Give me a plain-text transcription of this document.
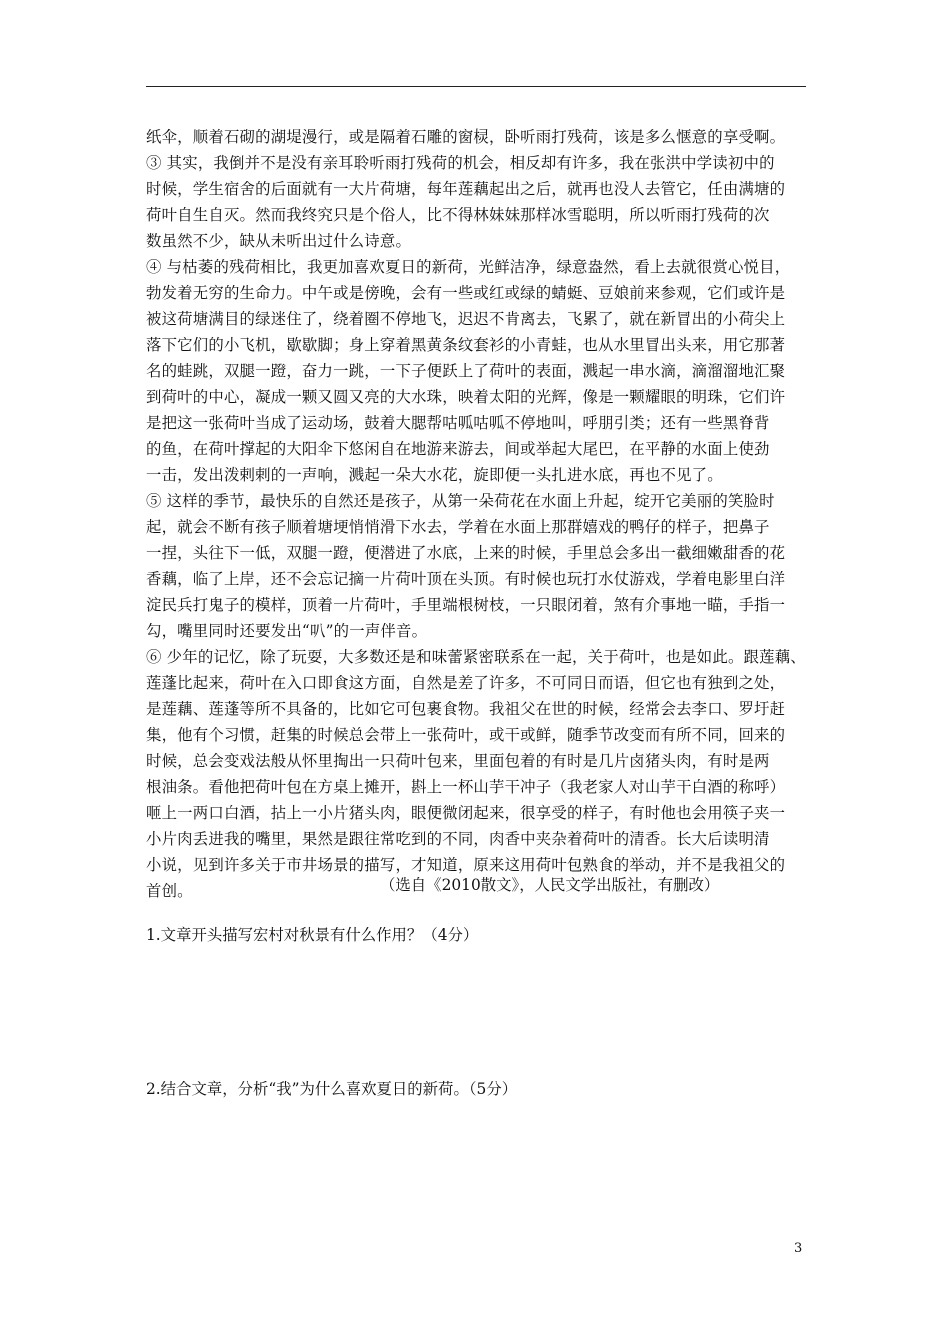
纸伞，顺着石砌的湖堤漫行，或是隔着石雕的窗棂，卧听雨打残荷，该是多么惬意的享受啊。
③ 其实，我倒并不是没有亲耳聆听雨打残荷的机会，相反却有许多，我在张洪中学读初中的
时候，学生宿舍的后面就有一大片荷塘，每年莲藕起出之后，就再也没人去管它，任由满塘的
荷叶自生自灭。然而我终究只是个俗人，比不得林妹妹那样冰雪聪明，所以听雨打残荷的次
数虽然不少，缺从未听出过什么诗意。
④ 与枯萎的残荷相比，我更加喜欢夏日的新荷，光鲜洁净，绿意盎然，看上去就很赏心悦目，
勃发着无穷的生命力。中午或是傍晚，会有一些或红或绿的蜻蜓、豆娘前来参观，它们或许是
被这荷塘满目的绿迷住了，绕着圈不停地飞，迟迟不肯离去，飞累了，就在新冒出的小荷尖上
落下它们的小飞机，歇歇脚；身上穿着黑黄条纹套衫的小青蛙，也从水里冒出头来，用它那著
名的蛙跳，双腿一蹬，奋力一跳，一下子便跃上了荷叶的表面，溅起一串水滴，滴溜溜地汇聚
到荷叶的中心，凝成一颗又圆又亮的大水珠，映着太阳的光辉，像是一颗耀眼的明珠，它们许
是把这一张荷叶当成了运动场，鼓着大腮帮咕呱咕呱不停地叫，呼朋引类；还有一些黑脊背
的鱼，在荷叶撑起的大阳伞下悠闲自在地游来游去，间或举起大尾巴，在平静的水面上使劲
一击，发出泼剌剌的一声响，溅起一朵大水花，旋即便一头扎进水底，再也不见了。
⑤ 这样的季节，最快乐的自然还是孩子，从第一朵荷花在水面上升起，绽开它美丽的笑脸时
起，就会不断有孩子顺着塘埂悄悄滑下水去，学着在水面上那群嬉戏的鸭仔的样子，把鼻子
一捏，头往下一低，双腿一蹬，便潜进了水底，上来的时候，手里总会多出一截细嫩甜香的花
香藕，临了上岸，还不会忘记摘一片荷叶顶在头顶。有时候也玩打水仗游戏，学着电影里白洋
淀民兵打鬼子的模样，顶着一片荷叶，手里端根树枝，一只眼闭着，煞有介事地一瞄，手指一
勾，嘴里同时还要发出“叭”的一声伴音。
⑥ 少年的记忆，除了玩耍，大多数还是和味蕾紧密联系在一起，关于荷叶，也是如此。跟莲藕、
莲蓬比起来，荷叶在入口即食这方面，自然是差了许多，不可同日而语，但它也有独到之处，
是莲藕、莲蓬等所不具备的，比如它可包裹食物。我祖父在世的时候，经常会去李口、罗圩赶
集，他有个习惯，赶集的时候总会带上一张荷叶，或干或鲜，随季节改变而有所不同，回来的
时候，总会变戏法般从怀里掏出一只荷叶包来，里面包着的有时是几片卤猪头肉，有时是两
根油条。看他把荷叶包在方桌上摊开，斟上一杯山芋干冲子（我老家人对山芋干白酒的称呼）
咂上一两口白酒，拈上一小片猪头肉，眼便微闭起来，很享受的样子，有时他也会用筷子夹一
小片肉丢进我的嘴里，果然是跟往常吃到的不同，肉香中夹杂着荷叶的清香。长大后读明清
小说，见到许多关于市井场景的描写，才知道，原来这用荷叶包熟食的举动，并不是我祖父的
首创。	（选自《2010散文》，人民文学出版社，有删改）
1.文章开头描写宏村对秋景有什么作用？（4分）
2.结合文章，分析“我”为什么喜欢夏日的新荷。（5分）
3
